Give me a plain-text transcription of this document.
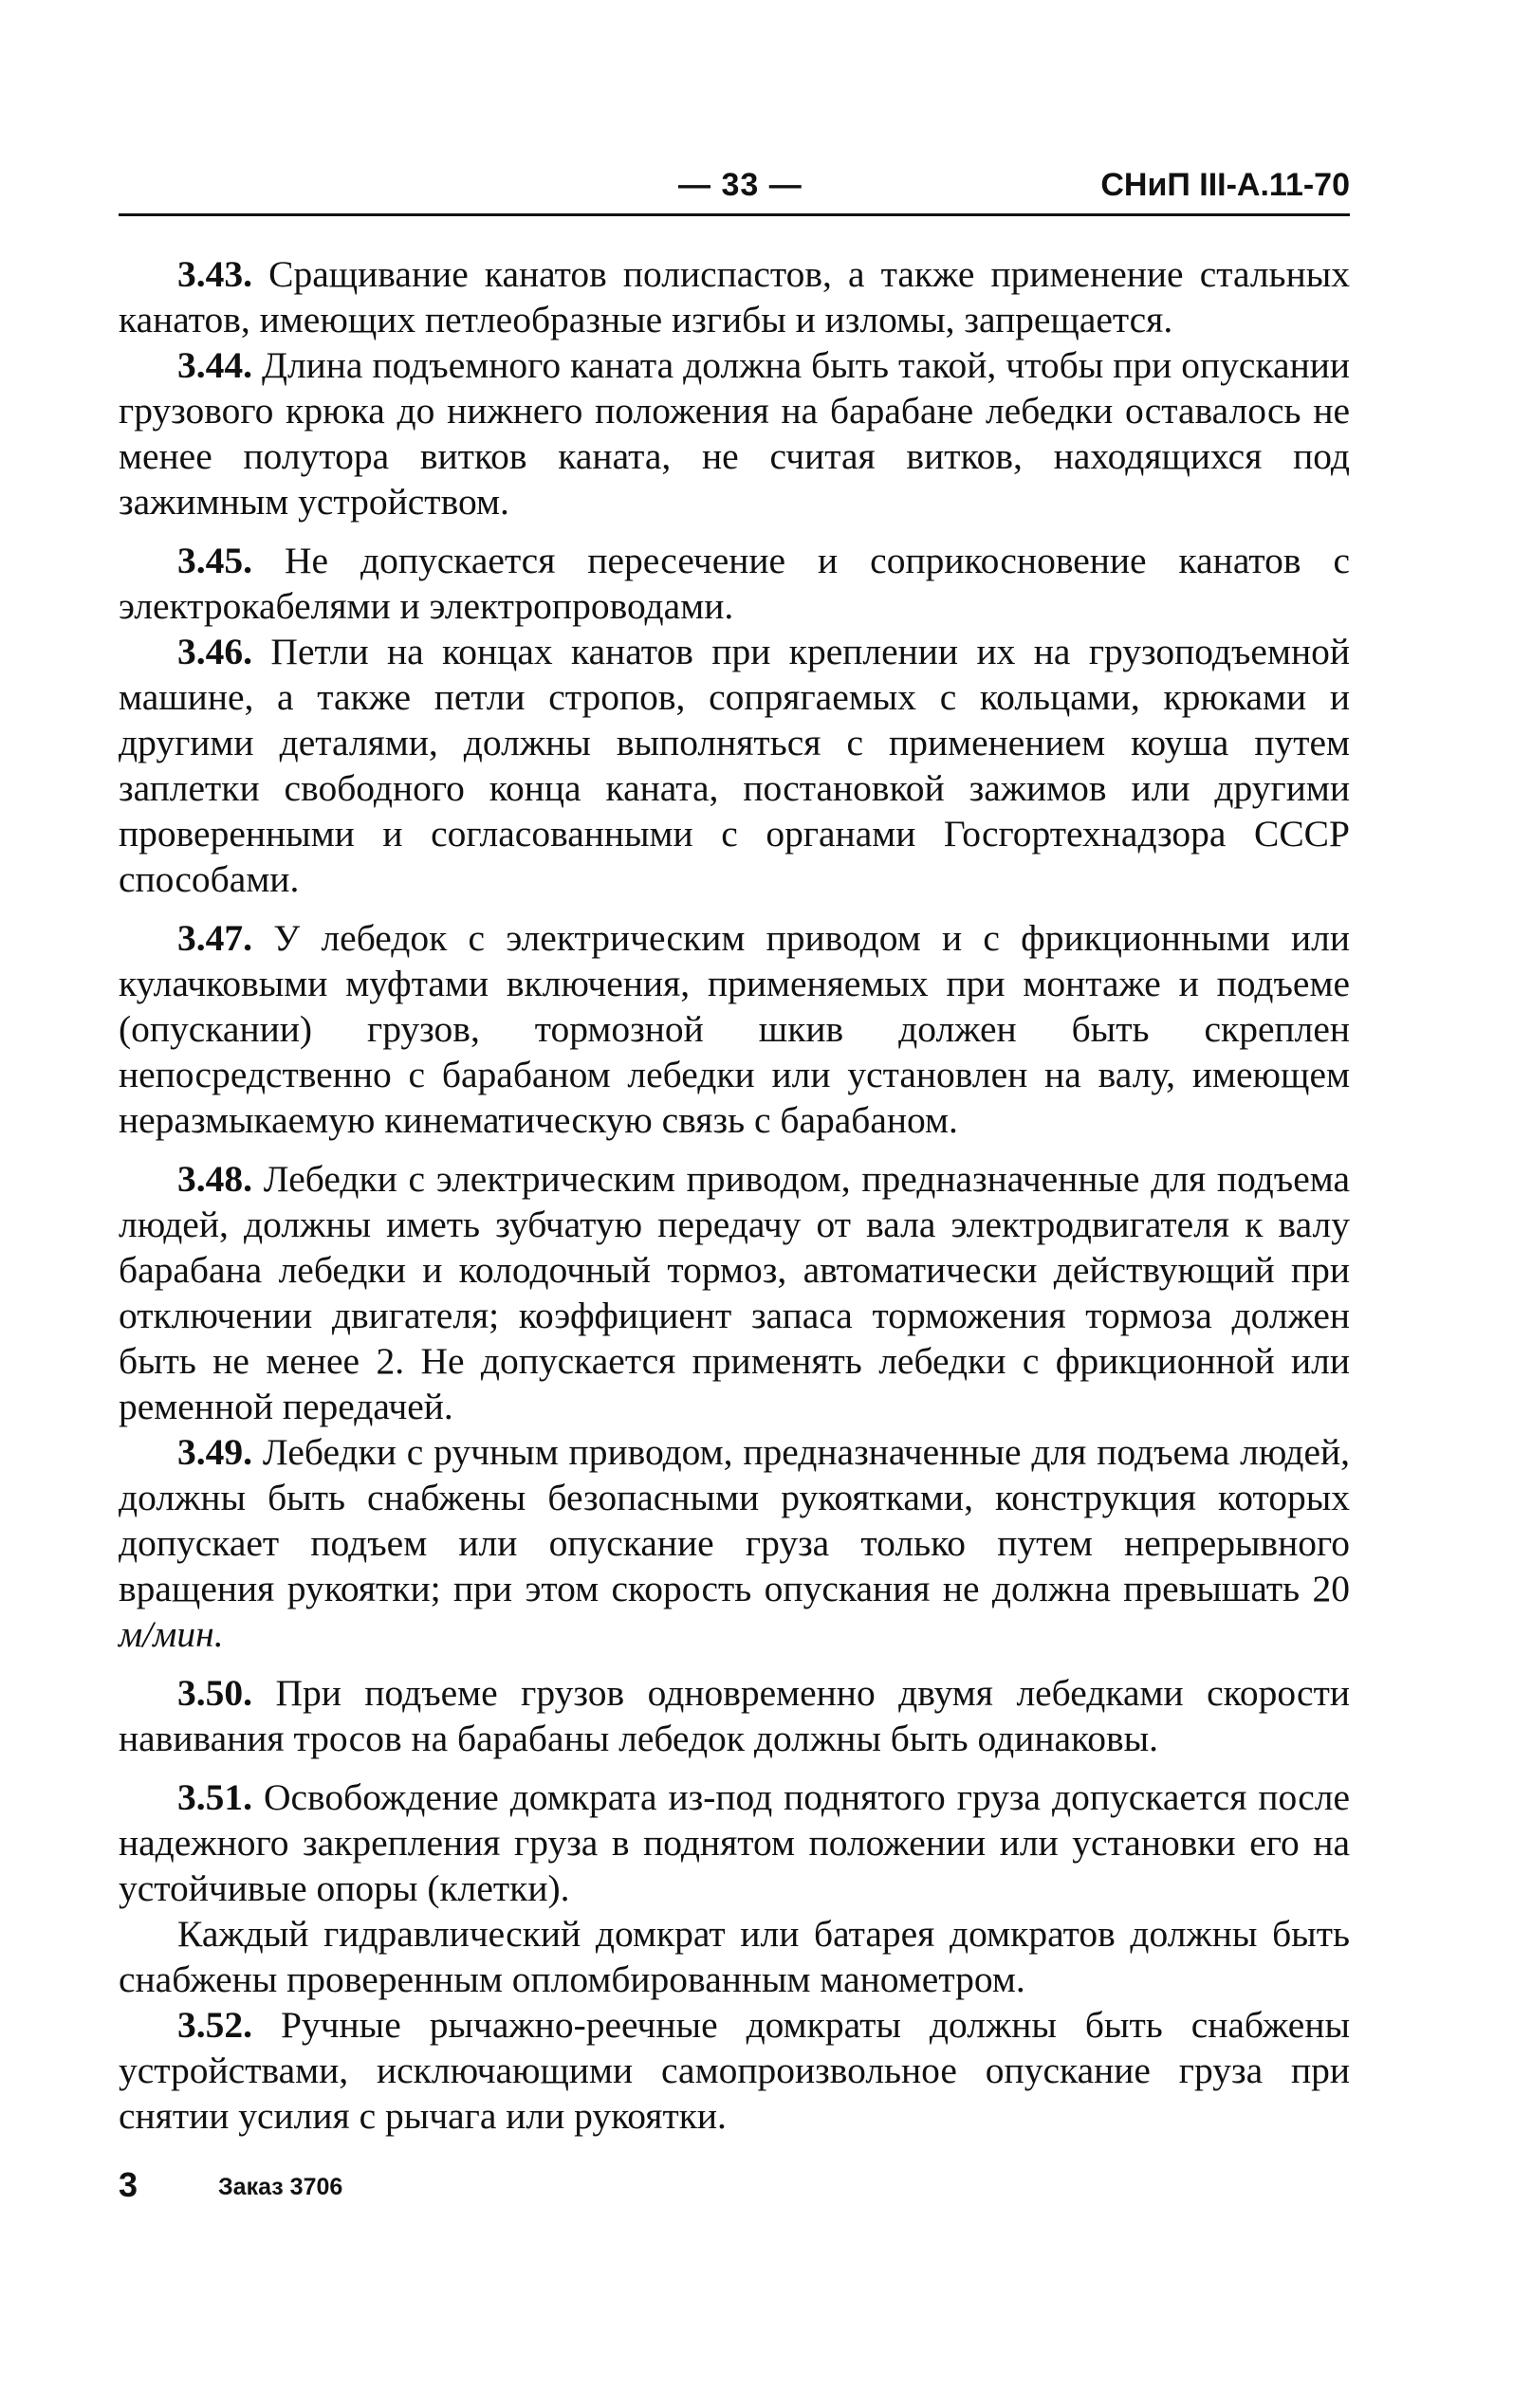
— 33 —	СНиП III-А.11-70

3.43. Сращивание канатов полиспастов, а также применение стальных канатов, имеющих петлеобразные изгибы и изломы, запрещается.

3.44. Длина подъемного каната должна быть такой, чтобы при опускании грузового крюка до нижнего положения на барабане лебедки оставалось не менее полутора витков каната, не считая витков, находящихся под зажимным устройством.

3.45. Не допускается пересечение и соприкосновение канатов с электрокабелями и электропроводами.

3.46. Петли на концах канатов при креплении их на грузоподъемной машине, а также петли стропов, сопрягаемых с кольцами, крюками и другими деталями, должны выполняться с применением коуша путем заплетки свободного конца каната, постановкой зажимов или другими проверенными и согласованными с органами Госгортехнадзора СССР способами.

3.47. У лебедок с электрическим приводом и с фрикционными или кулачковыми муфтами включения, применяемых при монтаже и подъеме (опускании) грузов, тормозной шкив должен быть скреплен непосредственно с барабаном лебедки или установлен на валу, имеющем неразмыкаемую кинематическую связь с барабаном.

3.48. Лебедки с электрическим приводом, предназначенные для подъема людей, должны иметь зубчатую передачу от вала электродвигателя к валу барабана лебедки и колодочный тормоз, автоматически действующий при отключении двигателя; коэффициент запаса торможения тормоза должен быть не менее 2. Не допускается применять лебедки с фрикционной или ременной передачей.

3.49. Лебедки с ручным приводом, предназначенные для подъема людей, должны быть снабжены безопасными рукоятками, конструкция которых допускает подъем или опускание груза только путем непрерывного вращения рукоятки; при этом скорость опускания не должна превышать 20 м/мин.

3.50. При подъеме грузов одновременно двумя лебедками скорости навивания тросов на барабаны лебедок должны быть одинаковы.

3.51. Освобождение домкрата из-под поднятого груза допускается после надежного закрепления груза в поднятом положении или установки его на устойчивые опоры (клетки).

Каждый гидравлический домкрат или батарея домкратов должны быть снабжены проверенным опломбированным манометром.

3.52. Ручные рычажно-реечные домкраты должны быть снабжены устройствами, исключающими самопроизвольное опускание груза при снятии усилия с рычага или рукоятки.

3	Заказ 3706
